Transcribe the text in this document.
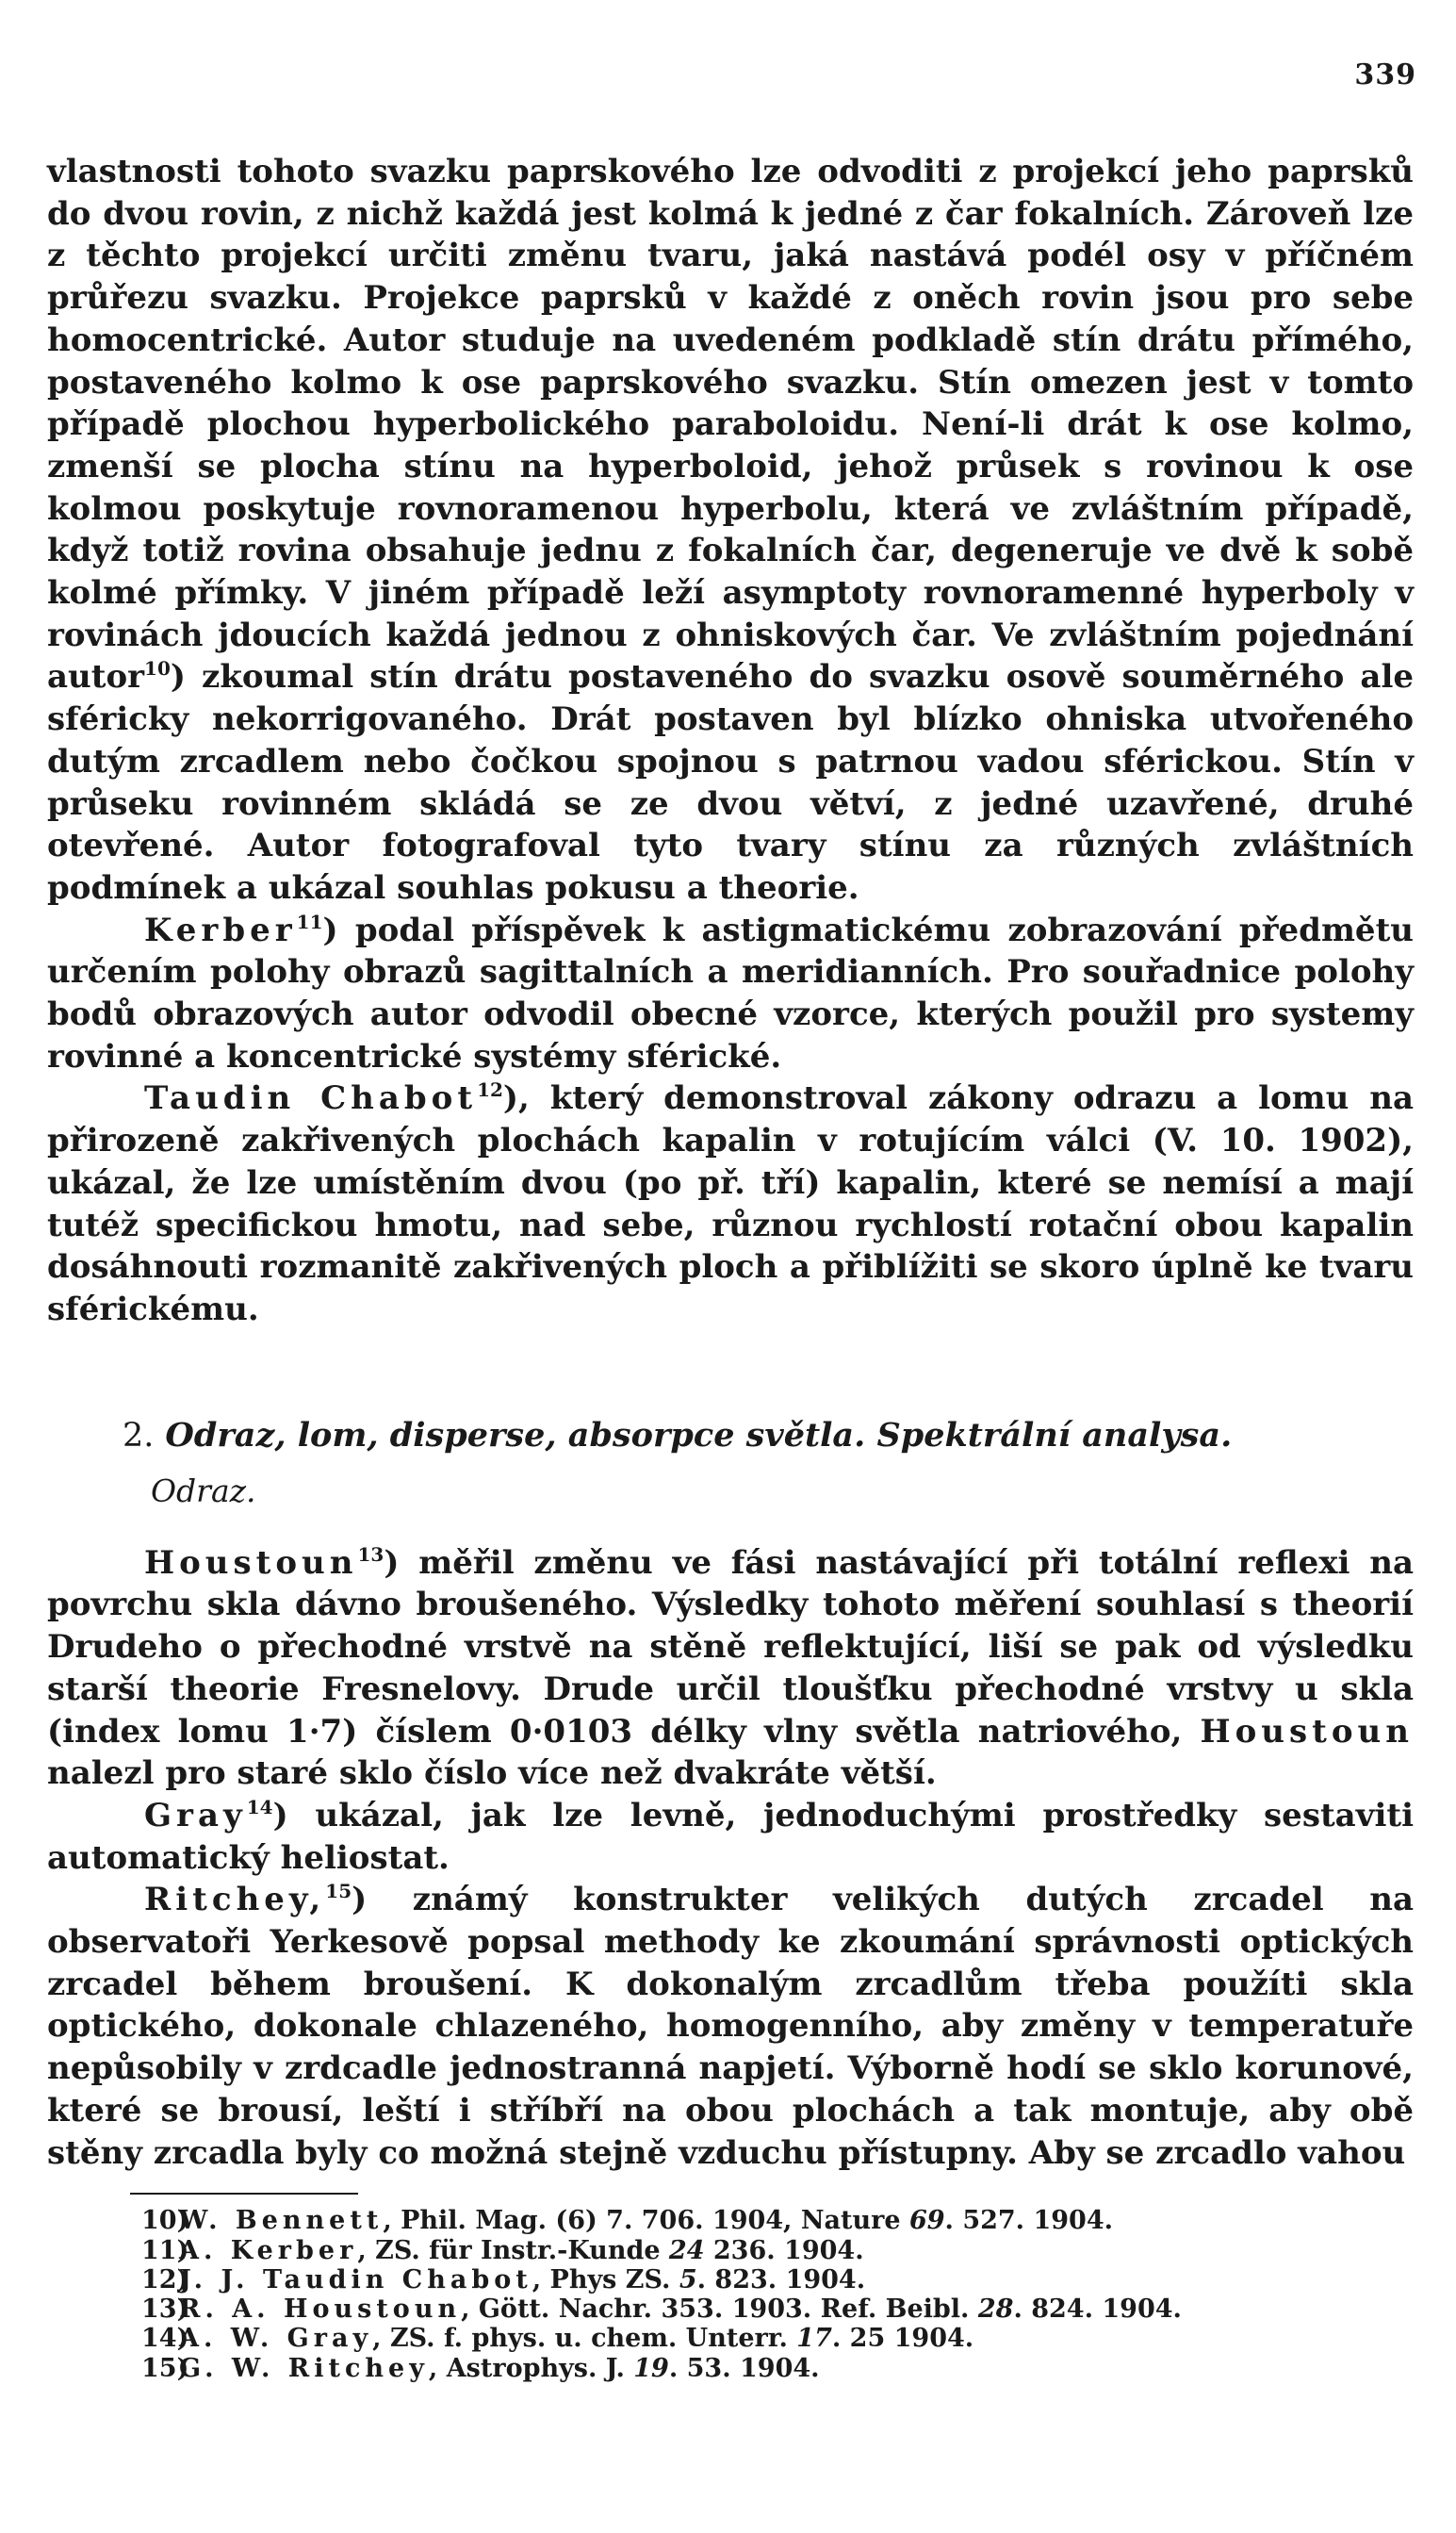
339

vlastnosti tohoto svazku paprskového lze odvoditi z projekcí jeho paprsků do dvou rovin, z nichž každá jest kolmá k jedné z čar fokalních. Zároveň lze z těchto projekcí určiti změnu tvaru, jaká nastává podél osy v příčném průřezu svazku. Projekce paprsků v každé z oněch rovin jsou pro sebe homocentrické. Autor studuje na uvedeném podkladě stín drátu přímého, postaveného kolmo k ose paprskového svazku. Stín omezen jest v tomto případě plochou hyperbolického paraboloidu. Není-li drát k ose kolmo, zmenší se plocha stínu na hyperboloid, jehož průsek s rovinou k ose kolmou poskytuje rovnoramenou hyperbolu, která ve zvláštním případě, když totiž rovina obsahuje jednu z fokalních čar, degeneruje ve dvě k sobě kolmé přímky. V jiném případě leží asymptoty rovnoramenné hyperboly v rovinách jdoucích každá jednou z ohniskových čar. Ve zvláštním pojednání autor$^{10}$) zkoumal stín drátu postaveného do svazku osově souměrného ale sféricky nekorrigovaného. Drát postaven byl blízko ohniska utvořeného dutým zrcadlem nebo čočkou spojnou s patrnou vadou sférickou. Stín v průseku rovinném skládá se ze dvou větví, z jedné uzavřené, druhé otevřené. Autor fotografoval tyto tvary stínu za různých zvláštních podmínek a ukázal souhlas pokusu a theorie.

Kerber$^{11}$) podal příspěvek k astigmatickému zobrazování předmětu určením polohy obrazů sagittalních a meridianních. Pro souřadnice polohy bodů obrazových autor odvodil obecné vzorce, kterých použil pro systemy rovinné a koncentrické systémy sférické.

Taudin Chabot$^{12}$), který demonstroval zákony odrazu a lomu na přirozeně zakřivených plochách kapalin v rotujícím válci (V. 10. 1902), ukázal, že lze umístěním dvou (po př. tří) kapalin, které se nemísí a mají tutéž specifickou hmotu, nad sebe, různou rychlostí rotační obou kapalin dosáhnouti rozmanitě zakřivených ploch a přiblížiti se skoro úplně ke tvaru sférickému.

2. Odraz, lom, disperse, absorpce světla. Spektrální analysa.
Odraz.

Houstoun$^{13}$) měřil změnu ve fási nastávající při totální reflexi na povrchu skla dávno broušeného. Výsledky tohoto měření souhlasí s theorií Drudeho o přechodné vrstvě na stěně reflektující, liší se pak od výsledku starší theorie Fresnelovy. Drude určil tloušťku přechodné vrstvy u skla (index lomu 1·7) číslem 0·0103 délky vlny světla natriového, Houstoun nalezl pro staré sklo číslo více než dvakráte větší.

Gray$^{14}$) ukázal, jak lze levně, jednoduchými prostředky sestaviti automatický heliostat.

Ritchey,$^{15}$) známý konstrukter velikých dutých zrcadel na observatoři Yerkesově popsal methody ke zkoumání správnosti optických zrcadel během broušení. K dokonalým zrcadlům třeba použíti skla optického, dokonale chlazeného, homogenního, aby změny v temperatuře nepůsobily v zrdcadle jednostranná napjetí. Výborně hodí se sklo korunové, které se brousí, leští i stříbří na obou plochách a tak montuje, aby obě stěny zrcadla byly co možná stejně vzduchu přístupny. Aby se zrcadlo vahou

10)W. Bennett, Phil. Mag. (6) 7. 706. 1904, Nature 69. 527. 1904.
11)A. Kerber, ZS. für Instr.-Kunde 24 236. 1904.
12)J. J. Taudin Chabot, Phys ZS. 5. 823. 1904.
13)R. A. Houstoun, Gött. Nachr. 353. 1903. Ref. Beibl. 28. 824. 1904.
14)A. W. Gray, ZS. f. phys. u. chem. Unterr. 17. 25 1904.
15)G. W. Ritchey, Astrophys. J. 19. 53. 1904.
